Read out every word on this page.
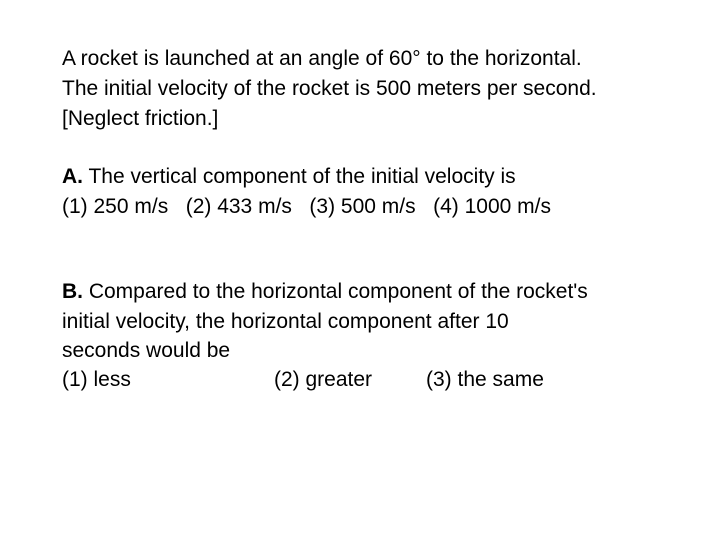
A rocket is launched at an angle of 60° to the horizontal.
The initial velocity of the rocket is 500 meters per second.
[Neglect friction.]
A. The vertical component of the initial velocity is
(1) 250 m/s   (2) 433 m/s   (3) 500 m/s   (4) 1000 m/s
B. Compared to the horizontal component of the rocket's
initial velocity, the horizontal component after 10
seconds would be

(1) less

	(2) greater

	(3) the same
